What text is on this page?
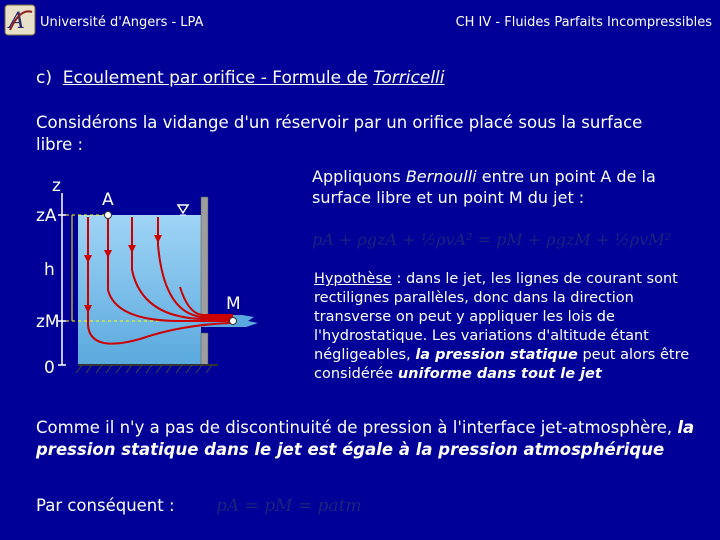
A Université d'Angers - LPA	CH IV - Fluides Parfaits Incompressibles
c) Ecoulement par orifice - Formule de Torricelli
Considérons la vidange d'un réservoir par un orifice placé sous la surface libre :
z
zA
h
zM
0
A
M
Appliquons Bernoulli entre un point A de la surface libre et un point M du jet :
pA + ρgzA + ½ρvA² = pM + ρgzM + ½ρvM²
Hypothèse : dans le jet, les lignes de courant sont rectilignes parallèles, donc dans la direction transverse on peut y appliquer les lois de l'hydrostatique. Les variations d'altitude étant négligeables, la pression statique peut alors être considérée uniforme dans tout le jet
Comme il n'y a pas de discontinuité de pression à l'interface jet-atmosphère, la pression statique dans le jet est égale à la pression atmosphérique
Par conséquent : pA = pM = patm
